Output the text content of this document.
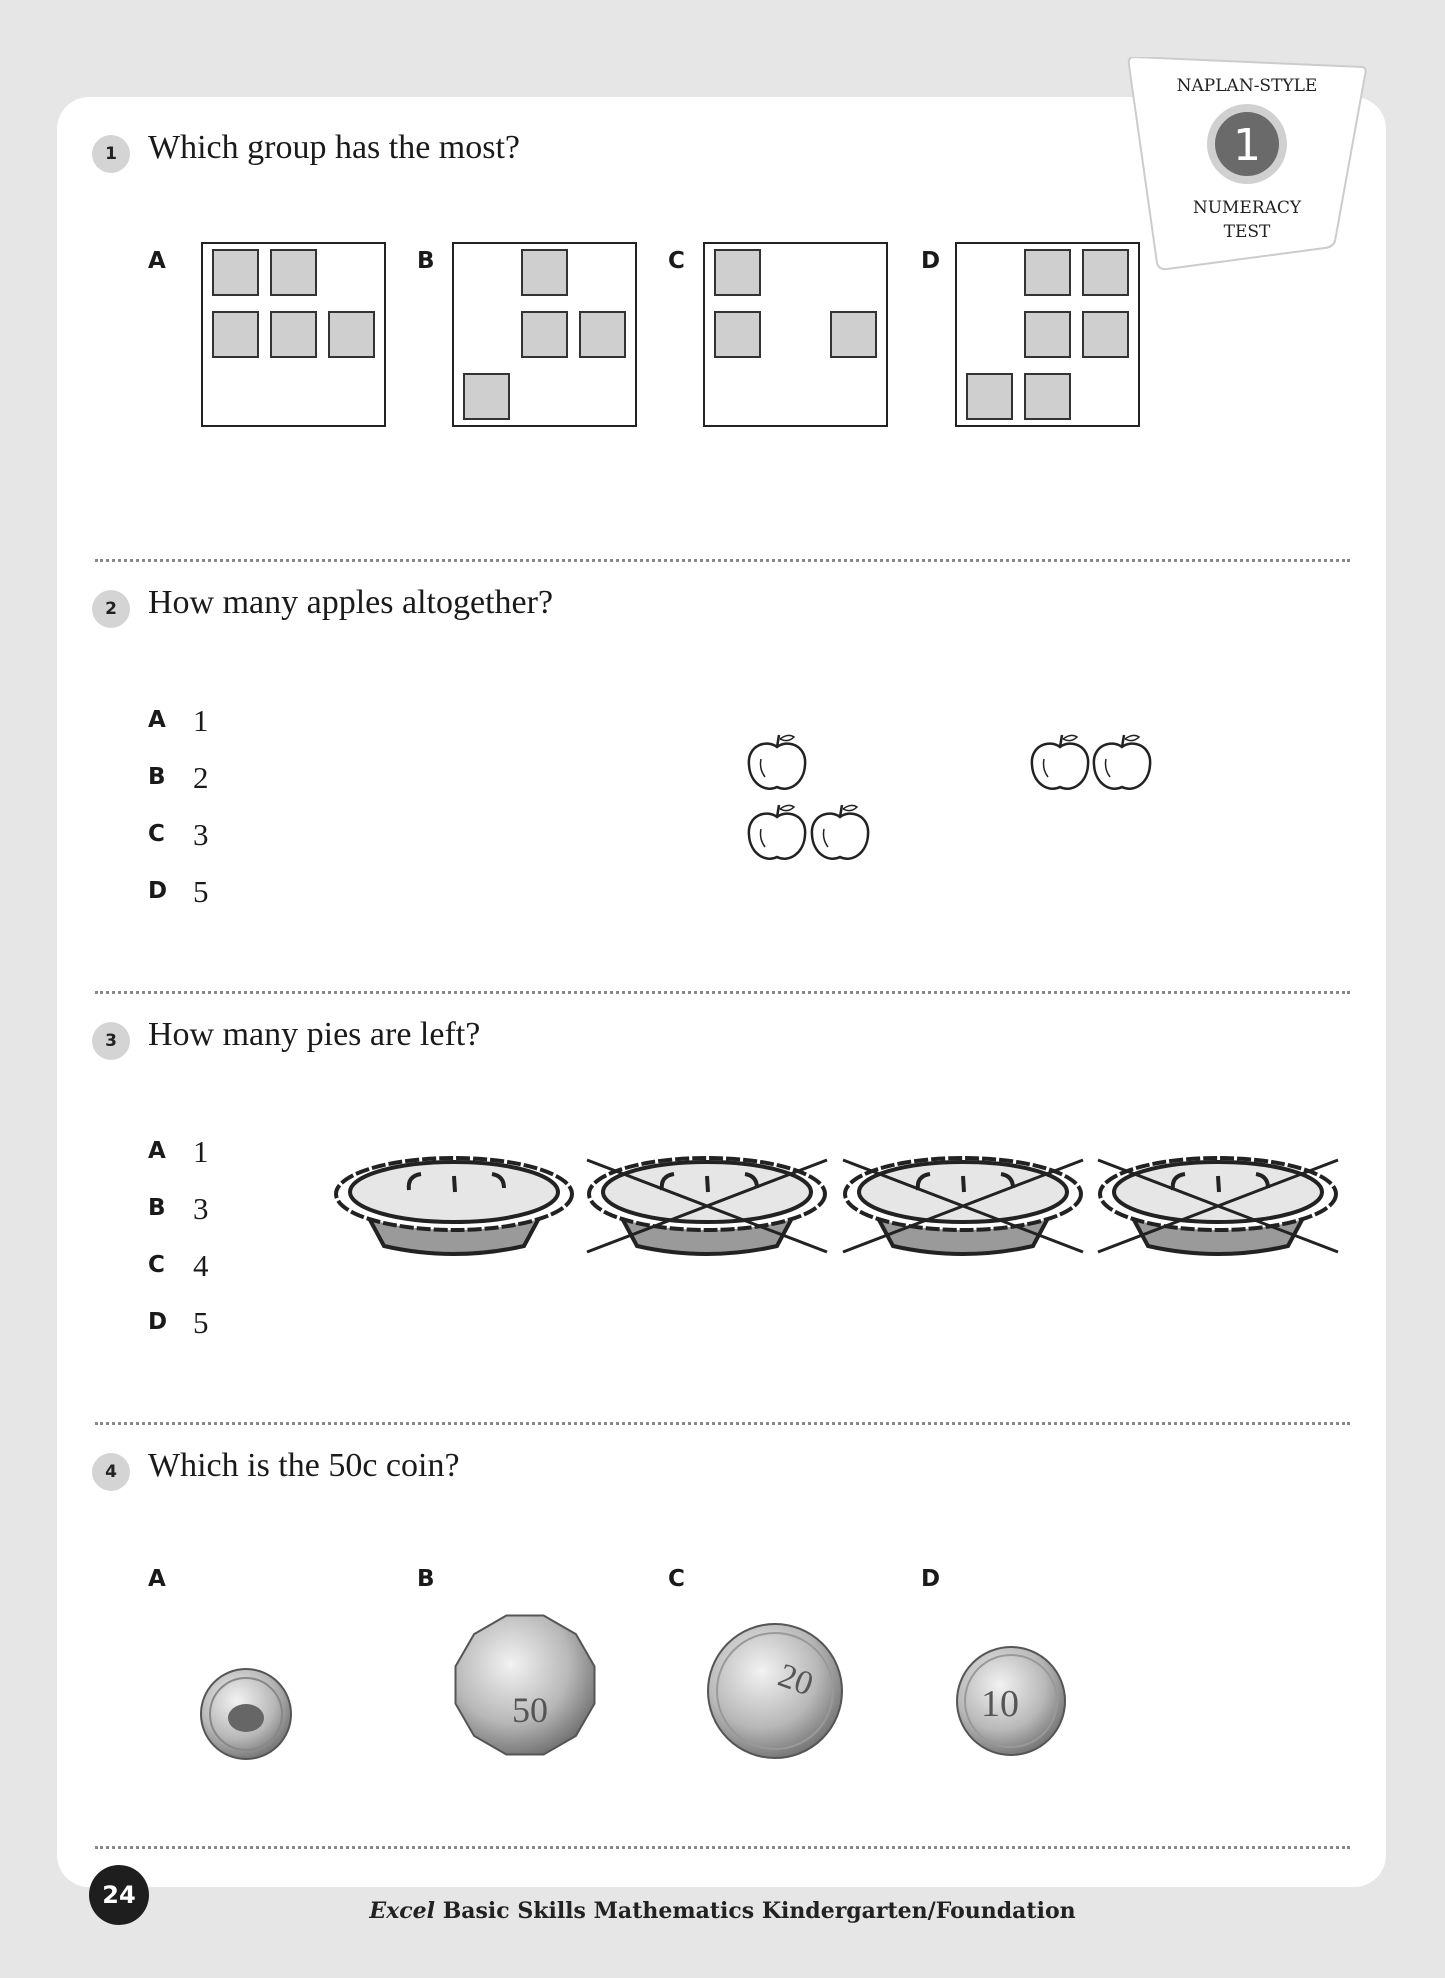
NAPLAN-STYLE
1
NUMERACY
TEST
1 Which group has the most?
A	B	C	D
2 How many apples altogether?
A 1
B 2
C 3
D 5
3 How many pies are left?
A 1
B 3
C 4
D 5
4 Which is the 50c coin?
A	B	C	D
50
20
10
24
Excel Basic Skills Mathematics Kindergarten/Foundation
